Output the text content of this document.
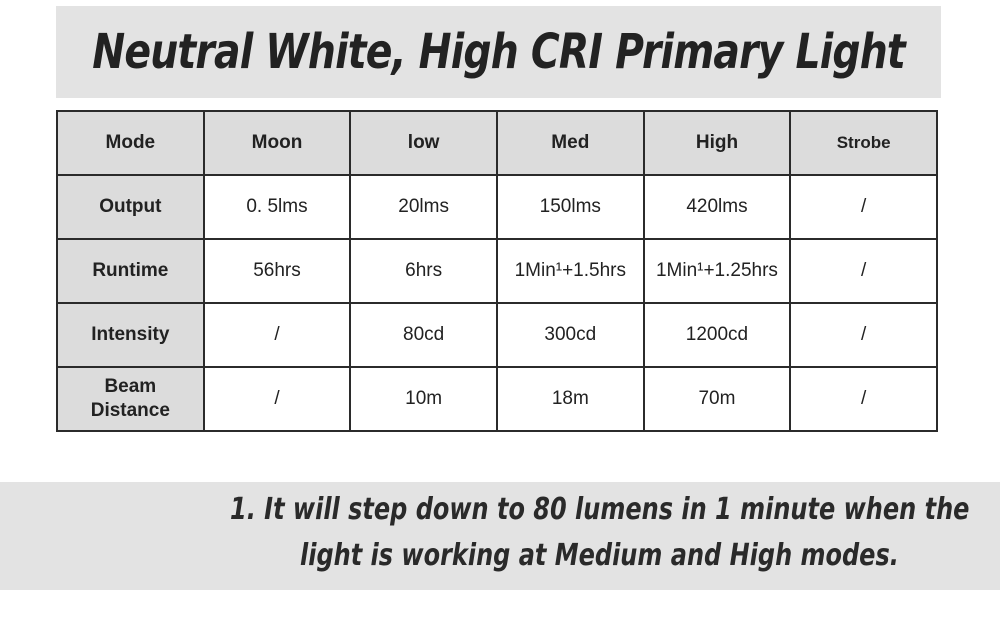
Neutral White, High CRI Primary Light
Mode	Moon	low	Med	High	Strobe
Output	0. 5lms	20lms	150lms	420lms	/
Runtime	56hrs	6hrs	1Min¹+1.5hrs	1Min¹+1.25hrs	/
Intensity	/	80cd	300cd	1200cd	/

Beam
Distance	/	10m	18m	70m	/
1. It will step down to 80 lumens in 1 minute when the
light is working at Medium and High modes.
